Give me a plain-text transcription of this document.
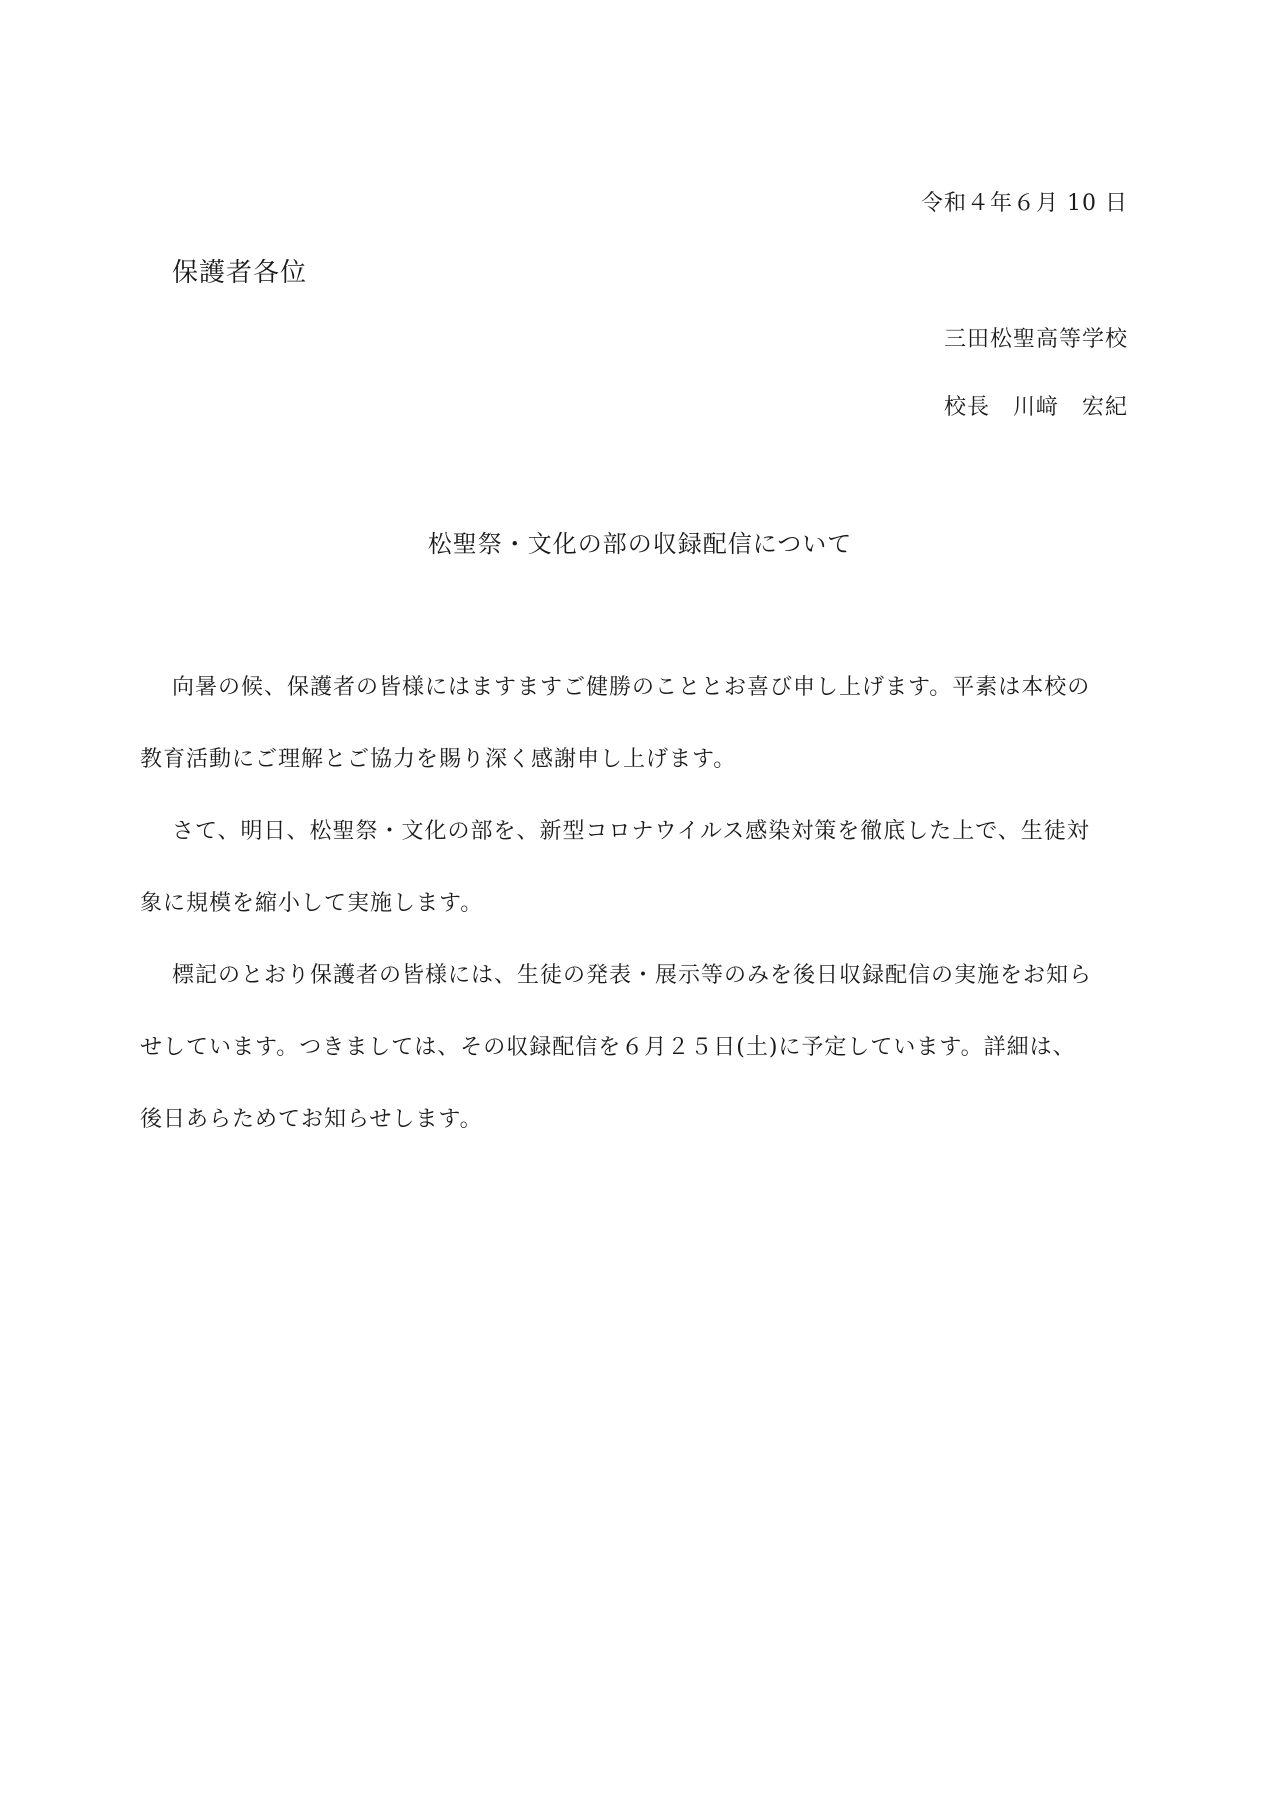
令和４年６月 10 日
保護者各位
三田松聖高等学校
校長　川﨑　宏紀
松聖祭・文化の部の収録配信について
向暑の候、保護者の皆様にはますますご健勝のこととお喜び申し上げます。平素は本校の
教育活動にご理解とご協力を賜り深く感謝申し上げます。
さて、明日、松聖祭・文化の部を、新型コロナウイルス感染対策を徹底した上で、生徒対
象に規模を縮小して実施します。
標記のとおり保護者の皆様には、生徒の発表・展示等のみを後日収録配信の実施をお知ら
せしています。つきましては、その収録配信を６月２５日(土)に予定しています。詳細は、
後日あらためてお知らせします。
